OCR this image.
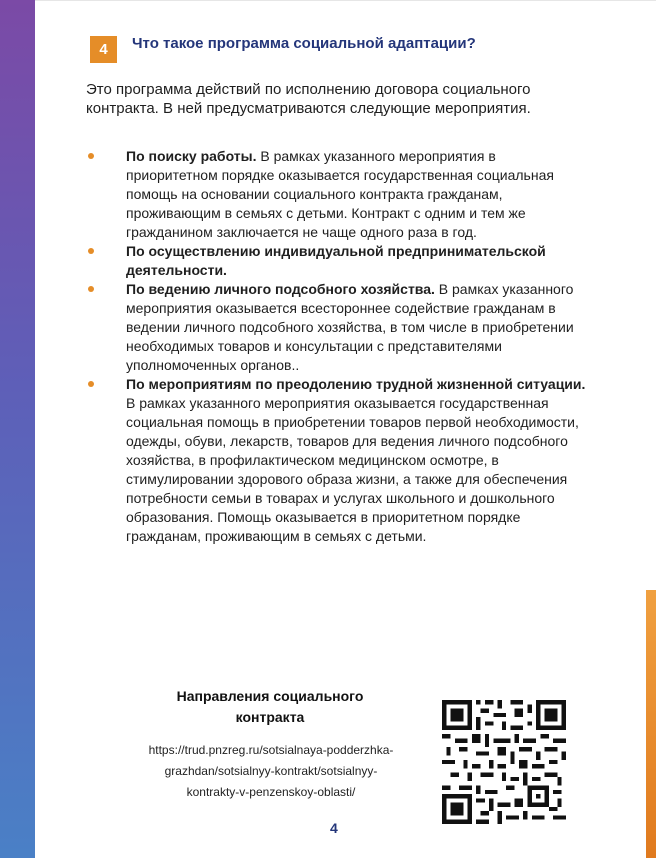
4	Что такое программа социальной адаптации?
Это программа действий по исполнению договора социального контракта. В ней предусматриваются следующие мероприятия.
По поиску работы. В рамках указанного мероприятия в приоритетном порядке оказывается государственная социальная помощь на основании социального контракта гражданам, проживающим в семьях с детьми. Контракт с одним и тем же гражданином заключается не чаще одного раза в год.
По осуществлению индивидуальной предпринимательской деятельности.
По ведению личного подсобного хозяйства. В рамках указанного мероприятия оказывается всестороннее содействие гражданам в ведении личного подсобного хозяйства, в том числе в приобретении необходимых товаров и консультации с представителями уполномоченных органов..
По мероприятиям по преодолению трудной жизненной ситуации. В рамках указанного мероприятия оказывается государственная социальная помощь в приобретении товаров первой необходимости, одежды, обуви, лекарств, товаров для ведения личного подсобного хозяйства, в профилактическом медицинском осмотре, в стимулировании здорового образа жизни, а также для обеспечения потребности семьи в товарах и услугах школьного и дошкольного образования. Помощь оказывается в приоритетном порядке гражданам, проживающим в семьях с детьми.
Направления социального контракта
https://trud.pnzreg.ru/sotsialnaya-podderzhka-grazhdan/sotsialnyy-kontrakt/sotsialnyy-kontrakty-v-penzenskoy-oblasti/
4
